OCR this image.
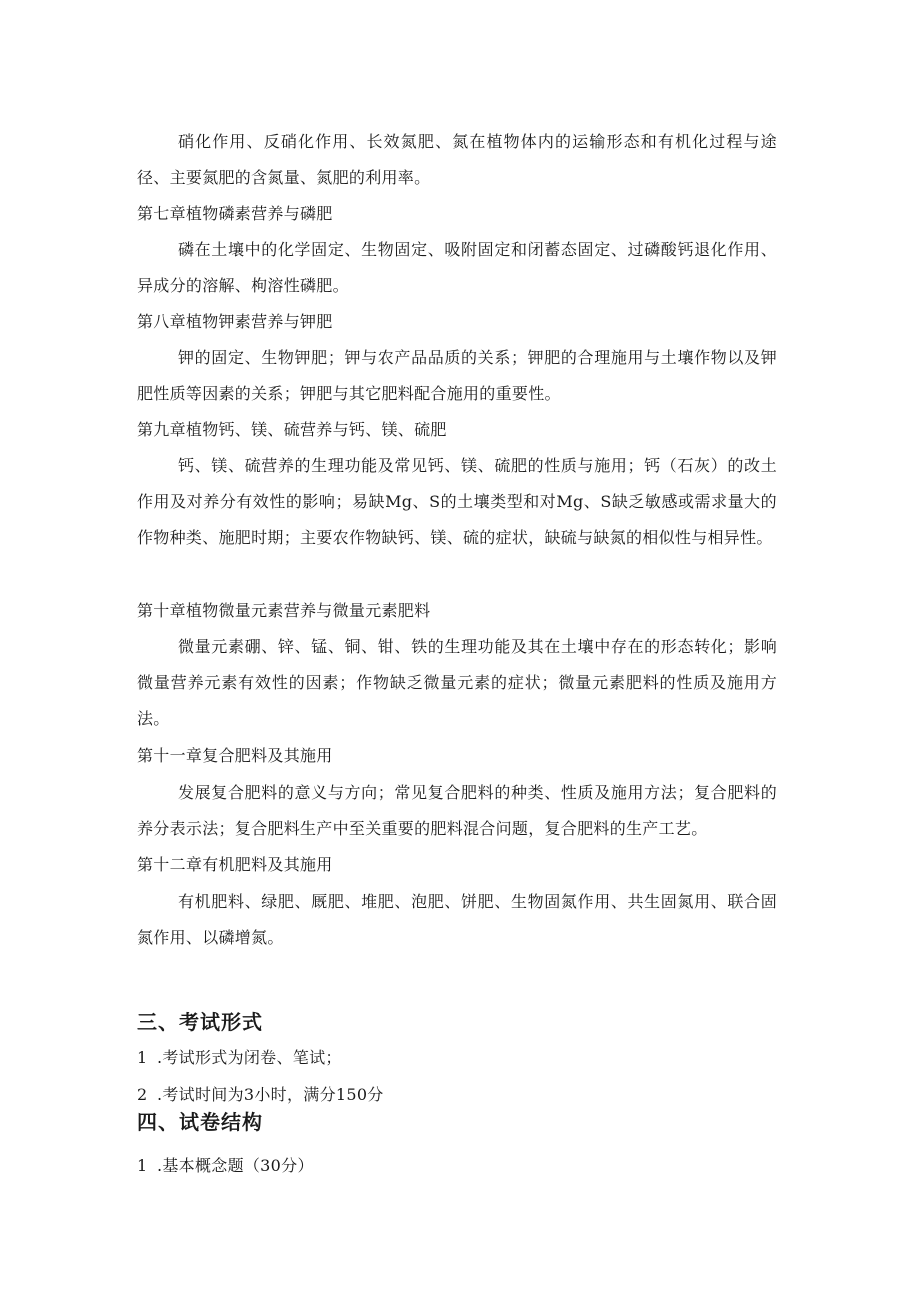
硝化作用、反硝化作用、长效氮肥、氮在植物体内的运输形态和有机化过程与途径、主要氮肥的含氮量、氮肥的利用率。

第七章植物磷素营养与磷肥

磷在土壤中的化学固定、生物固定、吸附固定和闭蓄态固定、过磷酸钙退化作用、异成分的溶解、枸溶性磷肥。

第八章植物钾素营养与钾肥

钾的固定、生物钾肥；钾与农产品品质的关系；钾肥的合理施用与土壤作物以及钾肥性质等因素的关系；钾肥与其它肥料配合施用的重要性。

第九章植物钙、镁、硫营养与钙、镁、硫肥

钙、镁、硫营养的生理功能及常见钙、镁、硫肥的性质与施用；钙（石灰）的改土作用及对养分有效性的影响；易缺Mg、S的土壤类型和对Mg、S缺乏敏感或需求量大的作物种类、施肥时期；主要农作物缺钙、镁、硫的症状，缺硫与缺氮的相似性与相异性。

第十章植物微量元素营养与微量元素肥料

微量元素硼、锌、锰、铜、钳、铁的生理功能及其在土壤中存在的形态转化；影响微量营养元素有效性的因素；作物缺乏微量元素的症状；微量元素肥料的性质及施用方法。

第十一章复合肥料及其施用

发展复合肥料的意义与方向；常见复合肥料的种类、性质及施用方法；复合肥料的养分表示法；复合肥料生产中至关重要的肥料混合问题，复合肥料的生产工艺。

第十二章有机肥料及其施用

有机肥料、绿肥、厩肥、堆肥、泡肥、饼肥、生物固氮作用、共生固氮用、联合固氮作用、以磷增氮。

三、考试形式

1 .考试形式为闭卷、笔试；

2 .考试时间为3小时，满分150分

四、试卷结构

1 .基本概念题（30分）
